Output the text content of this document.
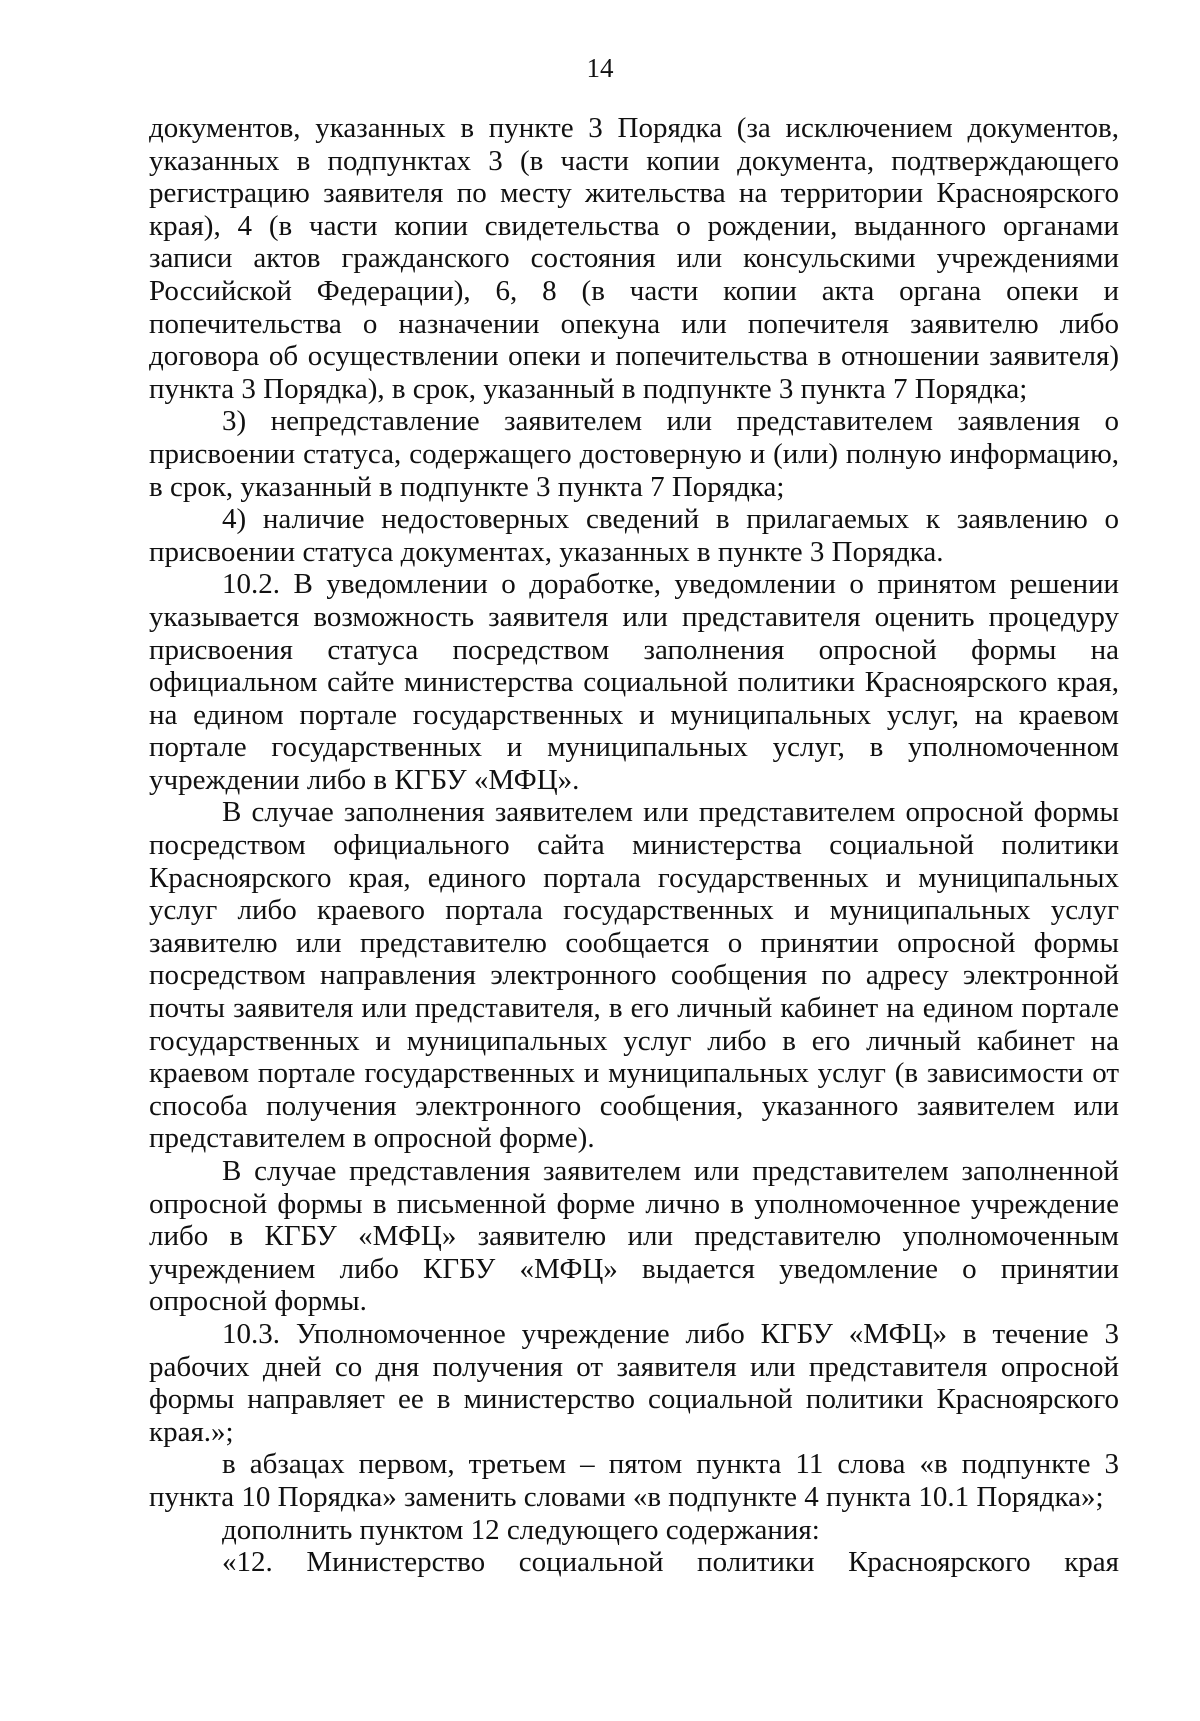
14

документов, указанных в пункте 3 Порядка (за исключением документов, указанных в подпунктах 3 (в части копии документа, подтверждающего регистрацию заявителя по месту жительства на территории Красноярского края), 4 (в части копии свидетельства о рождении, выданного органами записи актов гражданского состояния или консульскими учреждениями Российской Федерации), 6, 8 (в части копии акта органа опеки и попечительства о назначении опекуна или попечителя заявителю либо договора об осуществлении опеки и попечительства в отношении заявителя) пункта 3 Порядка), в срок, указанный в подпункте 3 пункта 7 Порядка;

3) непредставление заявителем или представителем заявления о присвоении статуса, содержащего достоверную и (или) полную информацию, в срок, указанный в подпункте 3 пункта 7 Порядка;

4) наличие недостоверных сведений в прилагаемых к заявлению о присвоении статуса документах, указанных в пункте 3 Порядка.

10.2. В уведомлении о доработке, уведомлении о принятом решении указывается возможность заявителя или представителя оценить процедуру присвоения статуса посредством заполнения опросной формы на официальном сайте министерства социальной политики Красноярского края, на едином портале государственных и муниципальных услуг, на краевом портале государственных и муниципальных услуг, в уполномоченном учреждении либо в КГБУ «МФЦ».

В случае заполнения заявителем или представителем опросной формы посредством официального сайта министерства социальной политики Красноярского края, единого портала государственных и муниципальных услуг либо краевого портала государственных и муниципальных услуг заявителю или представителю сообщается о принятии опросной формы посредством направления электронного сообщения по адресу электронной почты заявителя или представителя, в его личный кабинет на едином портале государственных и муниципальных услуг либо в его личный кабинет на краевом портале государственных и муниципальных услуг (в зависимости от способа получения электронного сообщения, указанного заявителем или представителем в опросной форме).

В случае представления заявителем или представителем заполненной опросной формы в письменной форме лично в уполномоченное учреждение либо в КГБУ «МФЦ» заявителю или представителю уполномоченным учреждением либо КГБУ «МФЦ» выдается уведомление о принятии опросной формы.

10.3. Уполномоченное учреждение либо КГБУ «МФЦ» в течение 3 рабочих дней со дня получения от заявителя или представителя опросной формы направляет ее в министерство социальной политики Красноярского края.»;

в абзацах первом, третьем – пятом пункта 11 слова «в подпункте 3 пункта 10 Порядка» заменить словами «в подпункте 4 пункта 10.1 Порядка»;

дополнить пунктом 12 следующего содержания:

«12. Министерство социальной политики Красноярского края
